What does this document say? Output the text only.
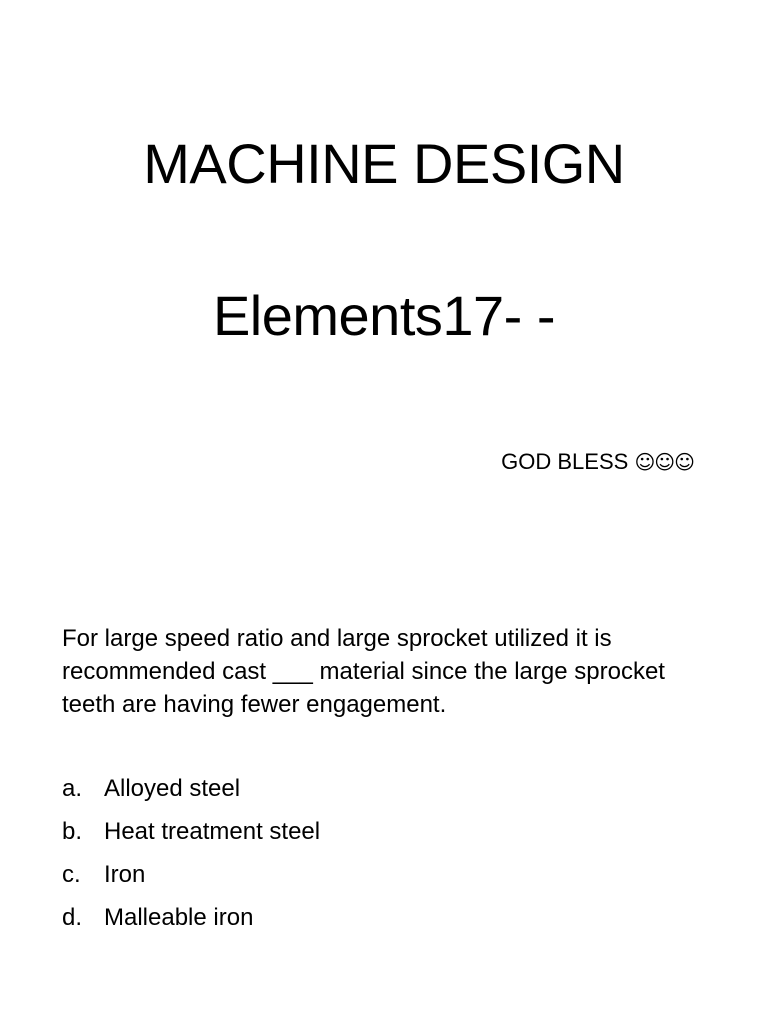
MACHINE DESIGN
Elements17- -
GOD BLESS ☺☺☺
For large speed ratio and large sprocket utilized it is recommended cast ___ material since the large sprocket teeth are having fewer engagement.
a. Alloyed steel
b. Heat treatment steel
c. Iron
d. Malleable iron
